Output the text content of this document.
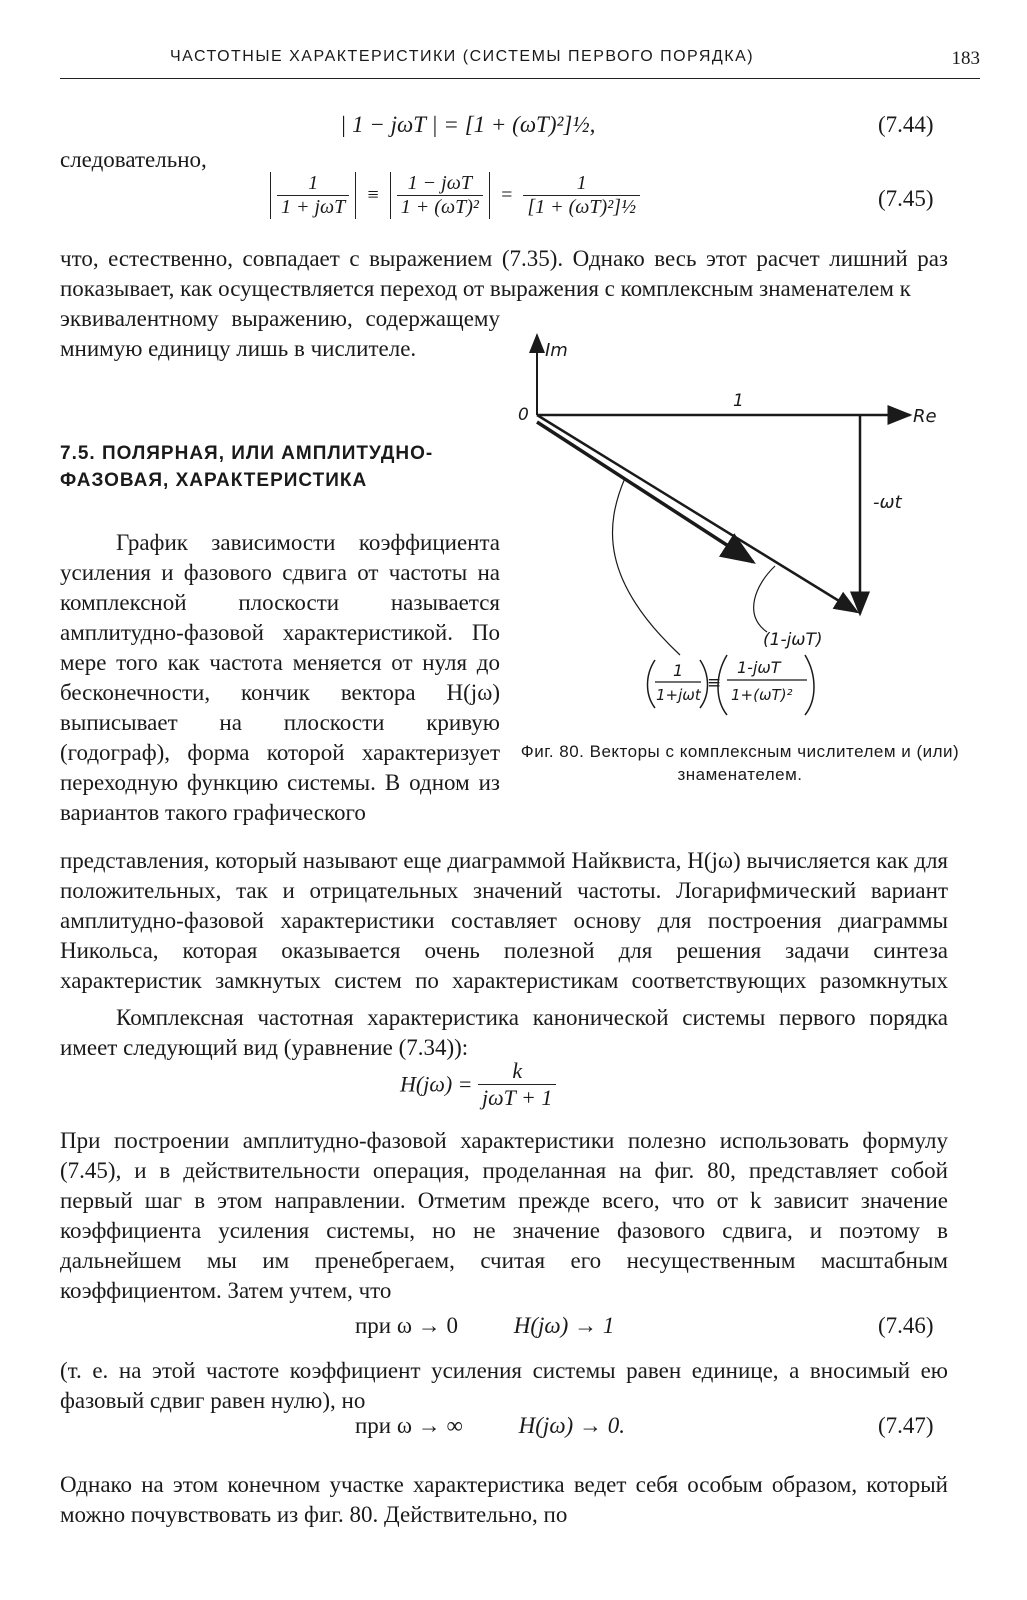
ЧАСТОТНЫЕ ХАРАКТЕРИСТИКИ (СИСТЕМЫ ПЕРВОГО ПОРЯДКА)	183
| 1 − jωT | = [1 + (ωT)²]½,	(7.44)
следовательно,
$\frac{1}{\text{1 + jωT}} \equiv \frac{\text{1 − jωT}}{\text{1 + (ωT)²}} = \frac{1}{\text{[1 + (ωT)²]½}}$	(7.45)
что, естественно, совпадает с выражением (7.35). Однако весь этот расчет лишний раз показывает, как осуществляется переход от выражения с комплексным знаменателем к
7.5. ПОЛЯРНАЯ, ИЛИ АМПЛИТУДНО-ФАЗОВАЯ, ХАРАКТЕРИСТИКА
Im
0
1
Re
-ωt
(1-jωT)
1
1+jωt
≡
1-jωT
1+(ωT)²
Фиг. 80. Векторы с комплексным числителем и (или) знаменателем.
График зависимости коэффициента усиления и фазового сдвига от частоты на комплексной плоскости называется амплитудно-фазовой характеристикой. По мере того как частота меняется от нуля до бесконечности, кончик вектора H(jω) выписывает на плоскости кривую (годограф), форма которой характеризует переходную функцию системы. В одном из вариантов такого графического
представления, который называют еще диаграммой Найквиста, H(jω) вычисляется как для положительных, так и отрицательных значений частоты. Логарифмический вариант амплитудно-фазовой характеристики составляет основу для построения диаграммы Никольса, которая оказывается очень полезной для решения задачи синтеза характеристик замкнутых систем по характеристикам соответствующих разомкнутых
Комплексная частотная характеристика канонической системы первого порядка имеет следующий вид (уравнение (7.34)):
$H(j\omega) = \frac{k}{\text{jωT + 1}}$
При построении амплитудно-фазовой характеристики полезно использовать формулу (7.45), и в действительности операция, проделанная на фиг. 80, представляет собой первый шаг в этом направлении. Отметим прежде всего, что от k зависит значение коэффициента усиления системы, но не значение фазового сдвига, и поэтому в дальнейшем мы им пренебрегаем, считая его несущественным масштабным коэффициентом. Затем учтем, что
при ω → 0 H(jω) → 1	(7.46)
(т. е. на этой частоте коэффициент усиления системы равен единице, а вносимый ею фазовый сдвиг равен нулю), но
при ω → ∞ H(jω) → 0.	(7.47)
Однако на этом конечном участке характеристика ведет себя особым образом, который можно почувствовать из фиг. 80. Действительно, по
эквивалентному выражению, содержащему мнимую единицу лишь в числителе.
